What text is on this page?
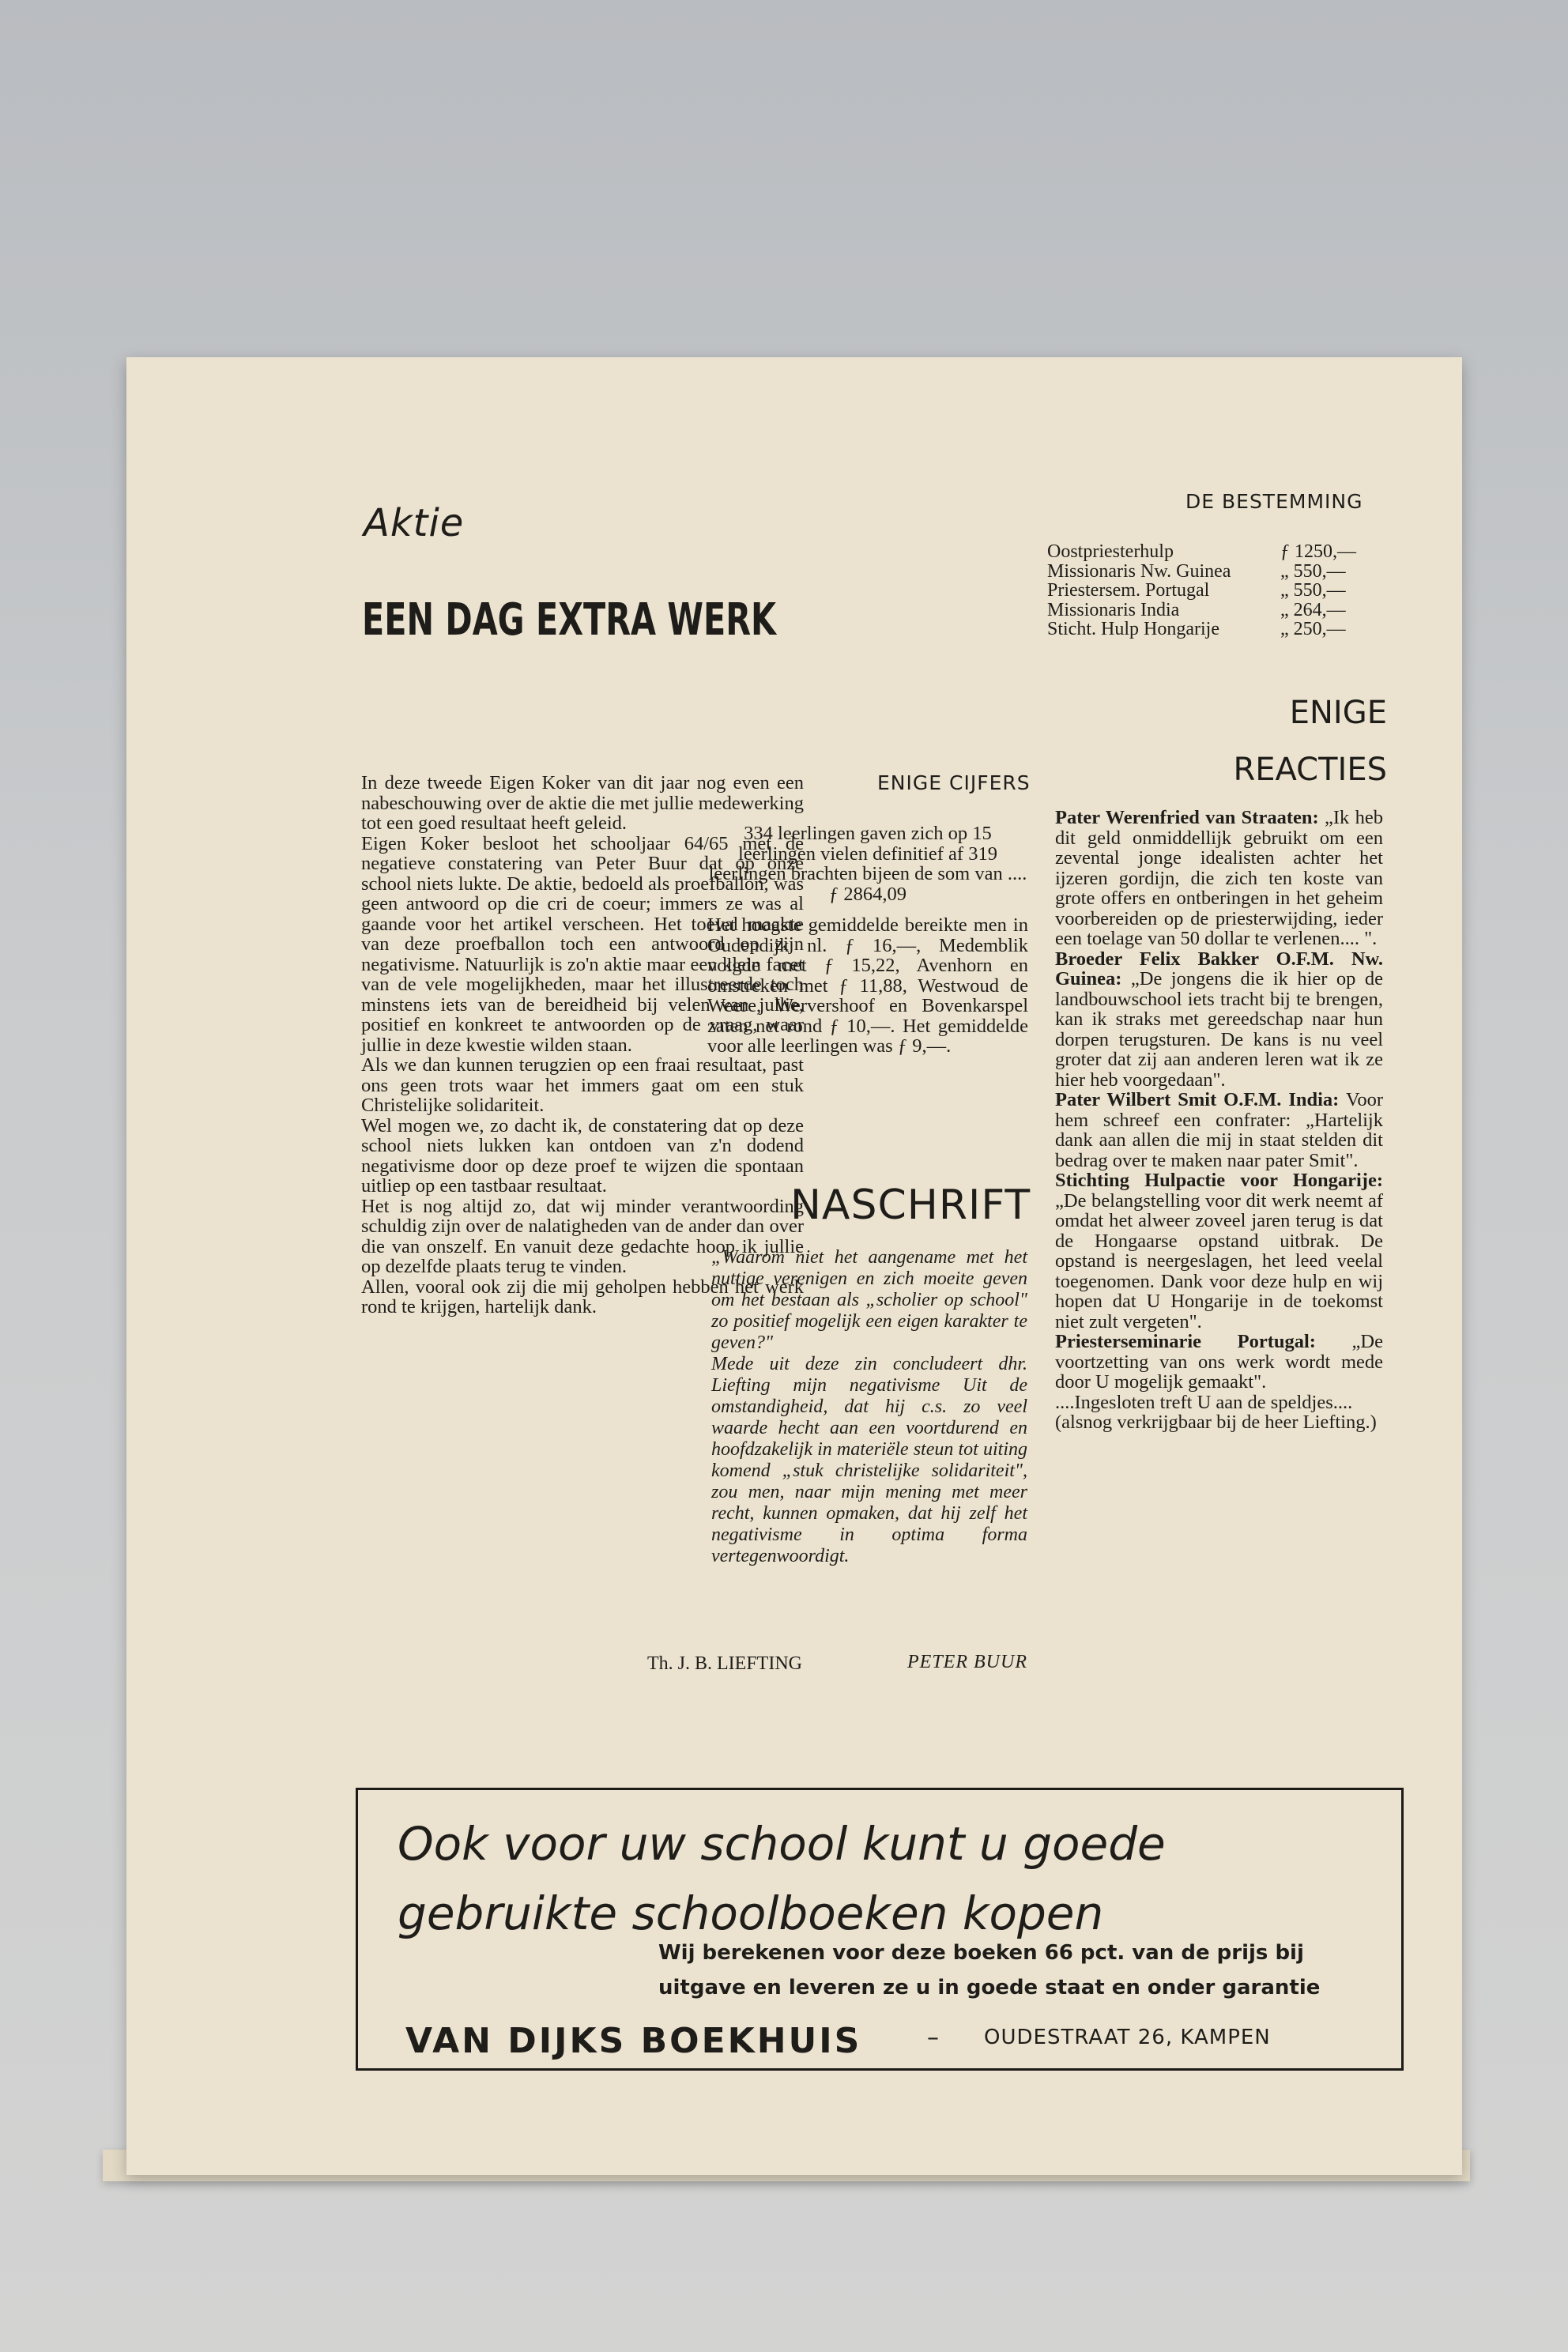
Aktie
EEN DAG EXTRA WERK

In deze tweede Eigen Koker van dit jaar nog even een nabeschouwing over de aktie die met jullie medewerking tot een goed resultaat heeft geleid.

Eigen Koker besloot het schooljaar 64/65 met de negatieve constatering van Peter Buur dat op onze school niets lukte. De aktie, bedoeld als proefballon, was geen antwoord op die cri de coeur; immers ze was al gaande voor het artikel verscheen. Het toeval maakte van deze proefballon toch een antwoord op zijn negativisme. Natuurlijk is zo'n aktie maar een klein facet van de vele mogelijkheden, maar het illustreerde toch minstens iets van de bereidheid bij velen van jullie, positief en konkreet te antwoorden op de vraag, waar jullie in deze kwestie wilden staan.

Als we dan kunnen terugzien op een fraai resultaat, past ons geen trots waar het immers gaat om een stuk Christelijke solidariteit.

Wel mogen we, zo dacht ik, de constatering dat op deze school niets lukken kan ontdoen van z'n dodend negativisme door op deze proef te wijzen die spontaan uitliep op een tastbaar resultaat.

Het is nog altijd zo, dat wij minder verantwoording schuldig zijn over de nalatigheden van de ander dan over die van onszelf. En vanuit deze gedachte hoop ik jullie op dezelfde plaats terug te vinden.

Allen, vooral ook zij die mij geholpen hebben het werk rond te krijgen, hartelijk dank.

Th. J. B. LIEFTING
ENIGE CIJFERS

334 leerlingen gaven zich op 15 leerlingen vielen definitief af 319 leerlingen brachten bijeen de som van .... ƒ 2864,09

Het hoogste gemiddelde bereikte men in Oudendijk nl. ƒ 16,—, Medemblik volgde met ƒ 15,22, Avenhorn en omstreken met ƒ 11,88, Westwoud de Weere, Wervershoof en Bovenkarspel zaten net rond ƒ 10,—. Het gemiddelde voor alle leerlingen was ƒ 9,—.

NASCHRIFT

„Waarom niet het aangename met het nuttige verenigen en zich moeite geven om het bestaan als „scholier op school" zo positief mogelijk een eigen karakter te geven?"

Mede uit deze zin concludeert dhr. Liefting mijn negativisme Uit de omstandigheid, dat hij c.s. zo veel waarde hecht aan een voortdurend en hoofdzakelijk in materiële steun tot uiting komend „stuk christelijke solidariteit", zou men, naar mijn mening met meer recht, kunnen opmaken, dat hij zelf het negativisme in optima forma vertegenwoordigt.

PETER BUUR
DE BESTEMMING
Oostpriesterhulp	ƒ 1250,—
Missionaris Nw. Guinea	„ 550,—
Priestersem. Portugal	„ 550,—
Missionaris India	„ 264,—
Sticht. Hulp Hongarije	„ 250,—
ENIGE
REACTIES

Pater Werenfried van Straaten: „Ik heb dit geld onmiddellijk gebruikt om een zevental jonge idealisten achter het ijzeren gordijn, die zich ten koste van grote offers en ontberingen in het geheim voorbereiden op de priesterwijding, ieder een toelage van 50 dollar te verlenen.... ".

Broeder Felix Bakker O.F.M. Nw. Guinea: „De jongens die ik hier op de landbouwschool iets tracht bij te brengen, kan ik straks met gereedschap naar hun dorpen terugsturen. De kans is nu veel groter dat zij aan anderen leren wat ik ze hier heb voorgedaan".

Pater Wilbert Smit O.F.M. India: Voor hem schreef een confrater: „Hartelijk dank aan allen die mij in staat stelden dit bedrag over te maken naar pater Smit".

Stichting Hulpactie voor Hongarije: „De belangstelling voor dit werk neemt af omdat het alweer zoveel jaren terug is dat de Hongaarse opstand uitbrak. De opstand is neergeslagen, het leed veelal toegenomen. Dank voor deze hulp en wij hopen dat U Hongarije in de toekomst niet zult vergeten".

Priesterseminarie Portugal: „De voortzetting van ons werk wordt mede door U mogelijk gemaakt".

....Ingesloten treft U aan de speldjes....

(alsnog verkrijgbaar bij de heer Liefting.)

Ook voor uw school kunt u goede gebruikte schoolboeken kopen
Wij berekenen voor deze boeken 66 pct. van de prijs bij uitgave en leveren ze u in goede staat en onder garantie
VAN DIJKS BOEKHUIS	– OUDESTRAAT 26, KAMPEN
